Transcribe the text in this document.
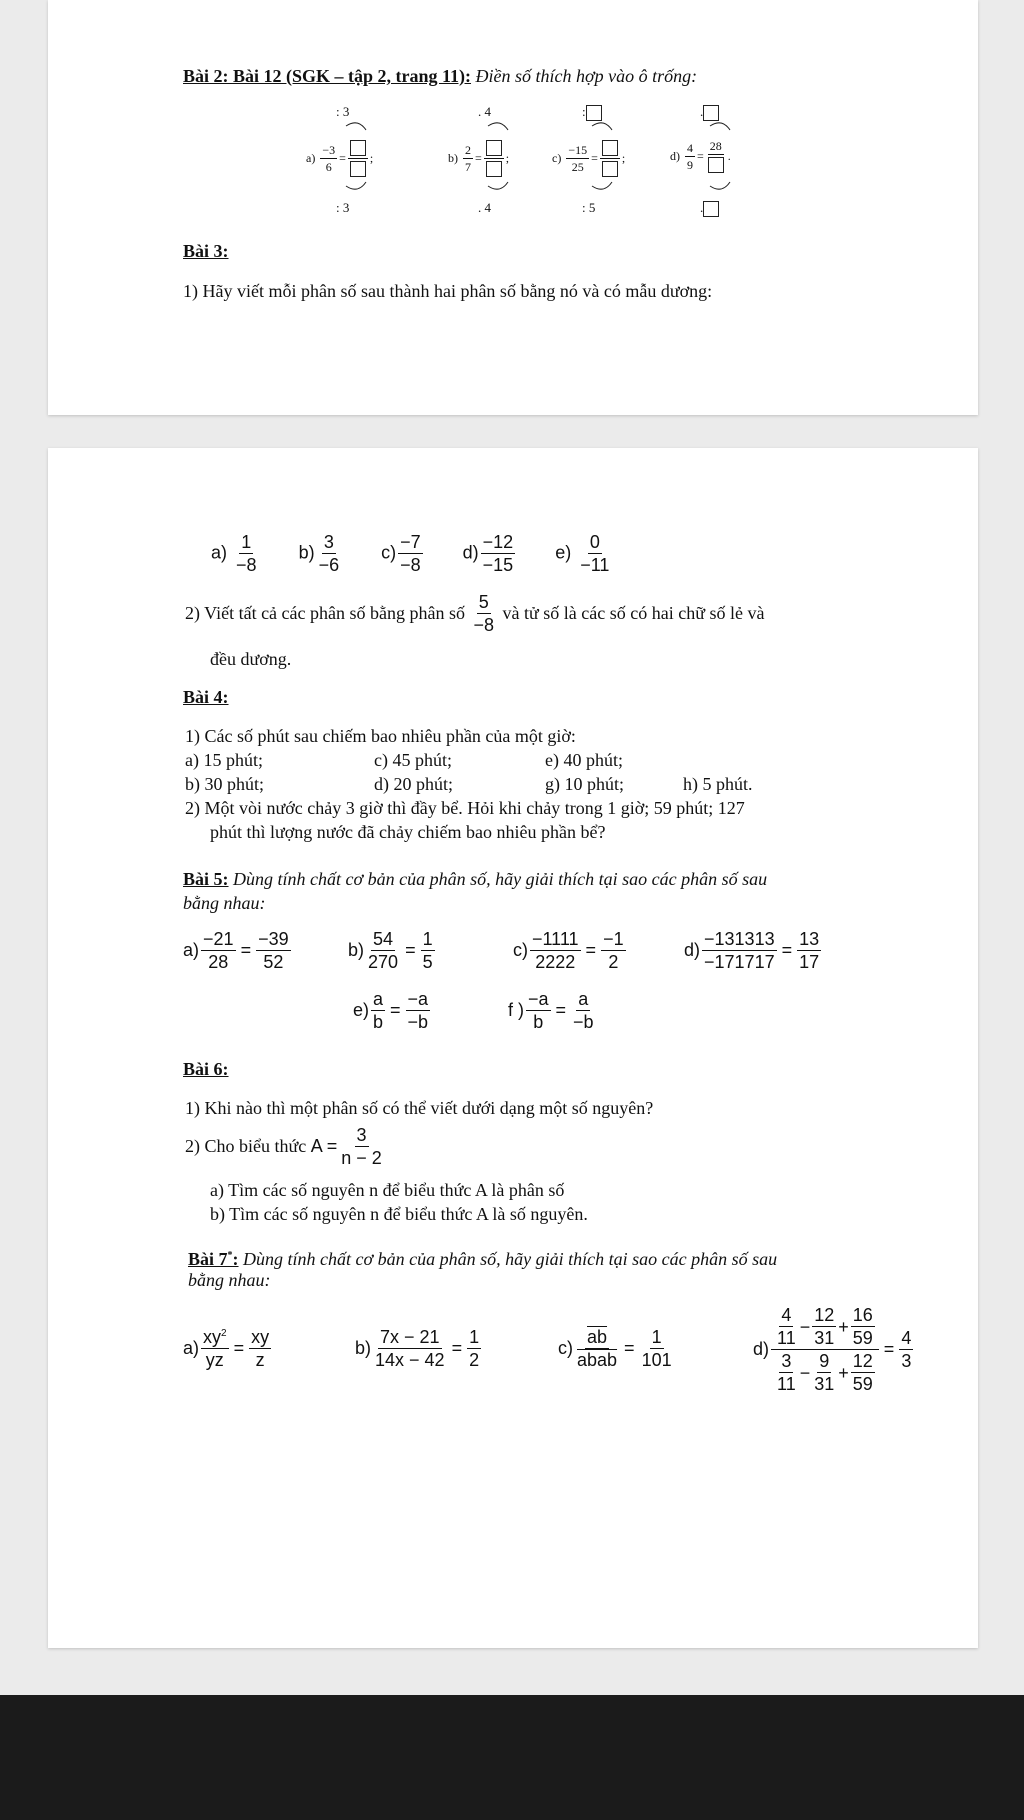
Bài 2: Bài 12 (SGK – tập 2, trang 11): Điền số thích hợp vào ô trống:
: 3
a)
$\frac{-3}{6}$ = ;
: 3
. 4
b)
$\frac{2}{7}$ = ;
. 4
:
c)
$\frac{-15}{25}$ = ;
: 5
.
d)
$\frac{4}{9}$ =
28
.
.
Bài 3:
1) Hãy viết mỗi phân số sau thành hai phân số bằng nó và có mẫu dương:
$a) \frac{1}{-8} b) \frac{3}{-6} c) \frac{-7}{-8} d) \frac{-12}{-15} e) \frac{0}{-11}$
2) Viết tất cả các phân số bằng phân số
$\frac{5}{-8}$
và tử số là các số có hai chữ số lẻ và
đều dương.
Bài 4:
1) Các số phút sau chiếm bao nhiêu phần của một giờ:
a) 15 phút;	c) 45 phút;	e) 40 phút;
b) 30 phút;	d) 20 phút;	g) 10 phút;	h) 5 phút.
2) Một vòi nước chảy 3 giờ thì đầy bể. Hỏi khi chảy trong 1 giờ; 59 phút; 127
phút thì lượng nước đã chảy chiếm bao nhiêu phần bể?
Bài 5: Dùng tính chất cơ bản của phân số, hãy giải thích tại sao các phân số sau
bằng nhau:
$a) \frac{-21}{28} = \frac{-39}{52}$	$b) \frac{54}{270} = \frac{1}{5}$	$c) \frac{-1111}{2222} = \frac{-1}{2}$	$d) \frac{-131313}{-171717} = \frac{13}{17}$
$e) \frac{a}{b} = \frac{-a}{-b}$	f ) $\frac{-a}{b} = \frac{a}{-b}$
Bài 6:
1) Khi nào thì một phân số có thể viết dưới dạng một số nguyên?
2) Cho biểu thức
$A = \frac{3}{n - 2}$
a) Tìm các số nguyên n để biểu thức A là phân số
b) Tìm các số nguyên n để biểu thức A là số nguyên.
Bài 7*: Dùng tính chất cơ bản của phân số, hãy giải thích tại sao các phân số sau
bằng nhau:
$a) \frac{xy^2}{yz} = \frac{xy}{z}$	$b) \frac{7x - 21}{14x - 42} = \frac{1}{2}$	$c) \frac{\overline{ab}}{\text{abab}} = \frac{1}{101}$	$d) \frac{\frac{4}{11} - \frac{12}{31} + \frac{16}{59}}{\frac{3}{11} - \frac{9}{31} + \frac{12}{59}} = \frac{4}{3}$
